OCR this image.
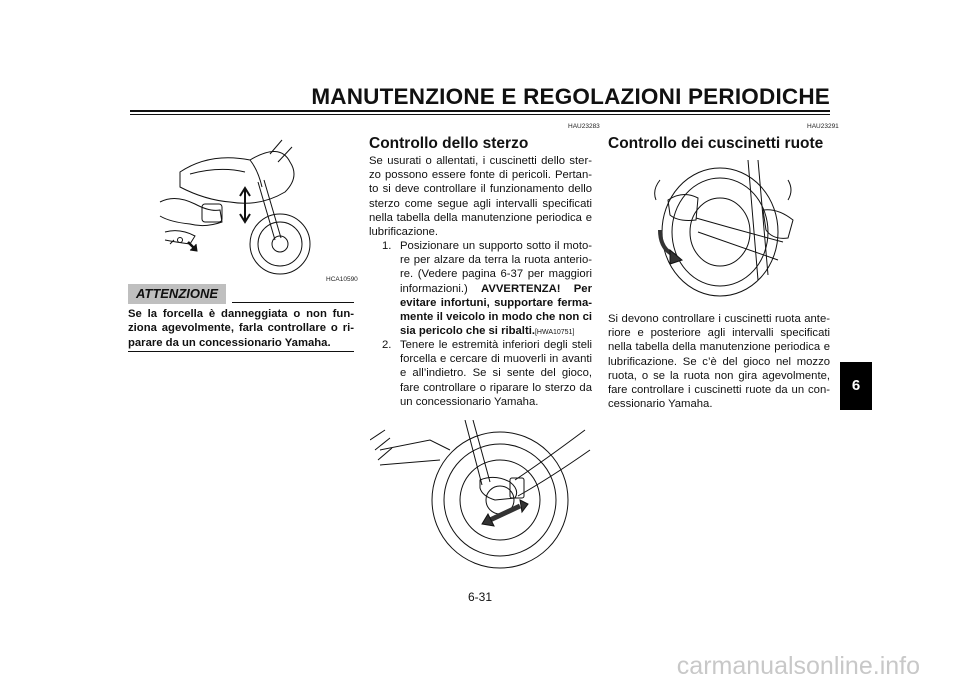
MANUTENZIONE E REGOLAZIONI PERIODICHE
HCA10590
ATTENZIONE
Se la forcella è danneggiata o non fun-ziona agevolmente, farla controllare o ri-parare da un concessionario Yamaha.
HAU23283
Controllo dello sterzo
Se usurati o allentati, i cuscinetti dello ster-zo possono essere fonte di pericoli. Pertan-to si deve controllare il funzionamento dello sterzo come segue agli intervalli specificati nella tabella della manutenzione periodica e lubrificazione.
1. Posizionare un supporto sotto il moto-re per alzare da terra la ruota anterio-re. (Vedere pagina 6-37 per maggiori informazioni.) AVVERTENZA! Per evitare infortuni, supportare ferma-mente il veicolo in modo che non ci sia pericolo che si ribalti.[HWA10751]
2. Tenere le estremità inferiori degli steli forcella e cercare di muoverli in avanti e all’indietro. Se si sente del gioco, fare controllare o riparare lo sterzo da un concessionario Yamaha.
HAU23291
Controllo dei cuscinetti ruote
Si devono controllare i cuscinetti ruota ante-riore e posteriore agli intervalli specificati nella tabella della manutenzione periodica e lubrificazione. Se c’è del gioco nel mozzo ruota, o se la ruota non gira agevolmente, fare controllare i cuscinetti ruote da un con-cessionario Yamaha.
6
6-31
carmanualsonline.info
